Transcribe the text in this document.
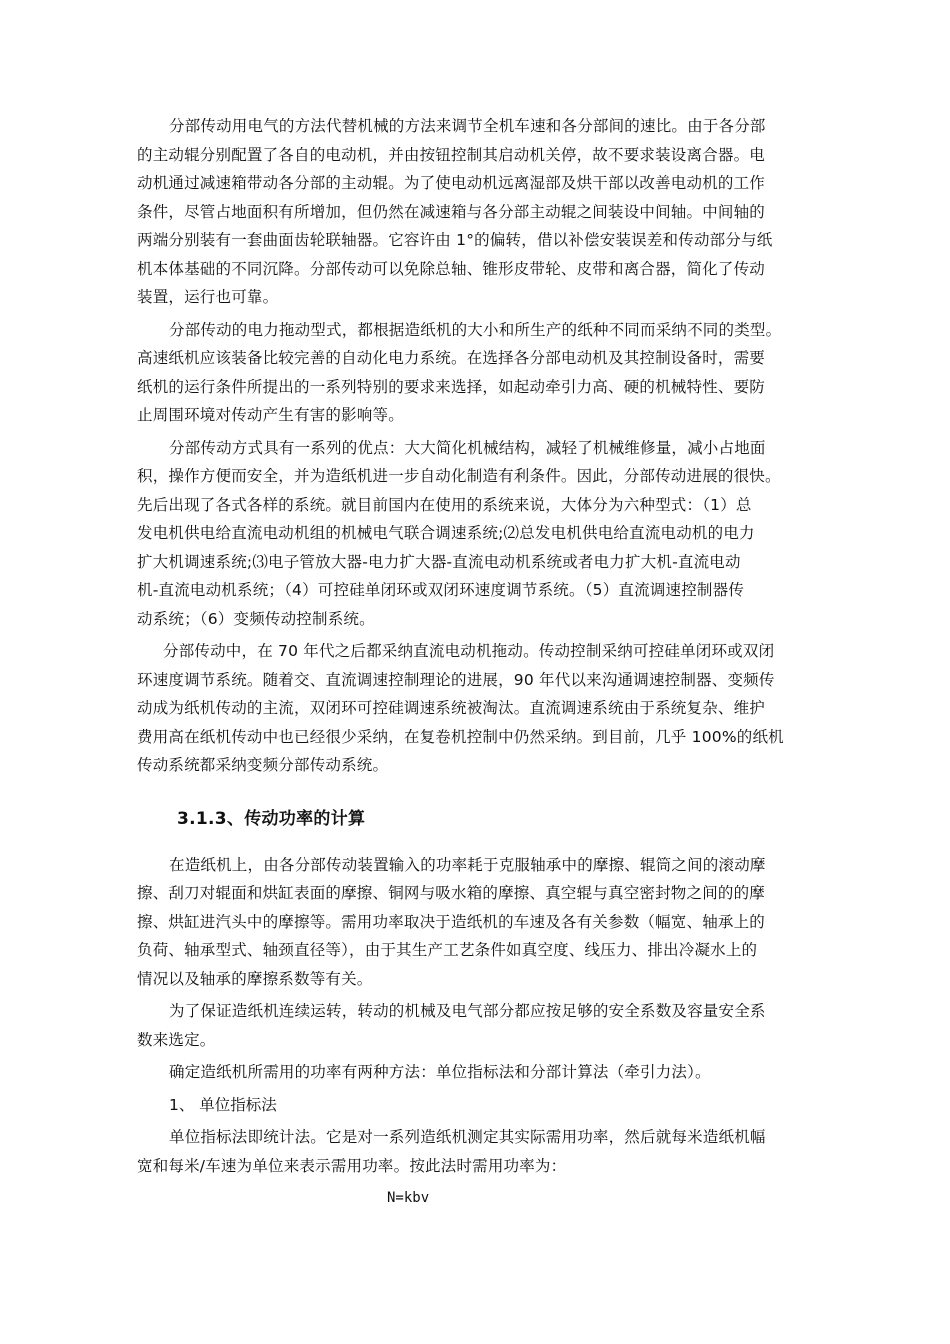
分部传动用电气的方法代替机械的方法来调节全机车速和各分部间的速比。由于各分部
的主动辊分别配置了各自的电动机，并由按钮控制其启动机关停，故不要求装设离合器。电
动机通过减速箱带动各分部的主动辊。为了使电动机远离湿部及烘干部以改善电动机的工作
条件，尽管占地面积有所增加，但仍然在减速箱与各分部主动辊之间装设中间轴。中间轴的
两端分别装有一套曲面齿轮联轴器。它容许由 1°的偏转，借以补偿安装误差和传动部分与纸
机本体基础的不同沉降。分部传动可以免除总轴、锥形皮带轮、皮带和离合器，简化了传动
装置，运行也可靠。

分部传动的电力拖动型式，都根据造纸机的大小和所生产的纸种不同而采纳不同的类型。
高速纸机应该装备比较完善的自动化电力系统。在选择各分部电动机及其控制设备时，需要
纸机的运行条件所提出的一系列特别的要求来选择，如起动牵引力高、硬的机械特性、要防
止周围环境对传动产生有害的影响等。

分部传动方式具有一系列的优点：大大简化机械结构，减轻了机械维修量，减小占地面
积，操作方便而安全，并为造纸机进一步自动化制造有利条件。因此，分部传动进展的很快。
先后出现了各式各样的系统。就目前国内在使用的系统来说，大体分为六种型式：（1）总
发电机供电给直流电动机组的机械电气联合调速系统;⑵总发电机供电给直流电动机的电力
扩大机调速系统;⑶电子管放大器-电力扩大器-直流电动机系统或者电力扩大机-直流电动
机-直流电动机系统；（4）可控硅单闭环或双闭环速度调节系统。（5）直流调速控制器传
动系统；（6）变频传动控制系统。

分部传动中，在 70 年代之后都采纳直流电动机拖动。传动控制采纳可控硅单闭环或双闭
环速度调节系统。随着交、直流调速控制理论的进展，90 年代以来沟通调速控制器、变频传
动成为纸机传动的主流，双闭环可控硅调速系统被淘汰。直流调速系统由于系统复杂、维护
费用高在纸机传动中也已经很少采纳，在复卷机控制中仍然采纳。到目前，几乎 100%的纸机
传动系统都采纳变频分部传动系统。

3.1.3、传动功率的计算

在造纸机上，由各分部传动装置输入的功率耗于克服轴承中的摩擦、辊筒之间的滚动摩
擦、刮刀对辊面和烘缸表面的摩擦、铜网与吸水箱的摩擦、真空辊与真空密封物之间的的摩
擦、烘缸进汽头中的摩擦等。需用功率取决于造纸机的车速及各有关参数（幅宽、轴承上的
负荷、轴承型式、轴颈直径等），由于其生产工艺条件如真空度、线压力、排出冷凝水上的
情况以及轴承的摩擦系数等有关。

为了保证造纸机连续运转，转动的机械及电气部分都应按足够的安全系数及容量安全系
数来选定。

确定造纸机所需用的功率有两种方法：单位指标法和分部计算法（牵引力法）。

1、 单位指标法

单位指标法即统计法。它是对一系列造纸机测定其实际需用功率，然后就每米造纸机幅
宽和每米/车速为单位来表示需用功率。按此法时需用功率为：

N=kbv
